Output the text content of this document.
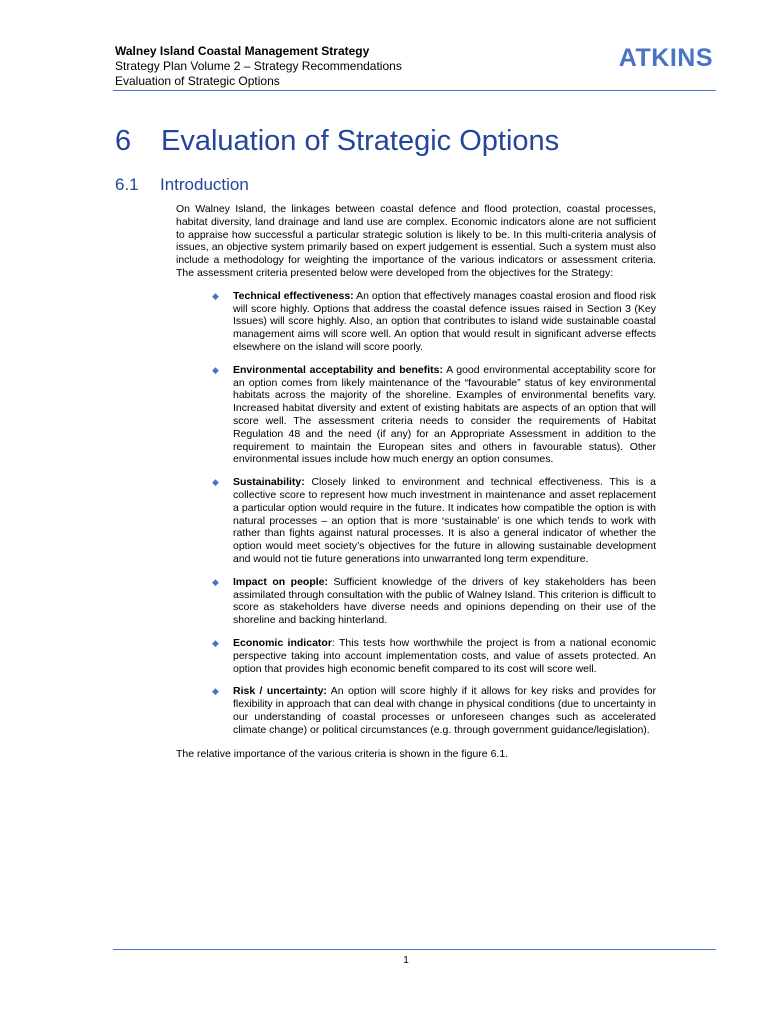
Walney Island Coastal Management Strategy
Strategy Plan Volume 2 – Strategy Recommendations
Evaluation of Strategic Options
ATKINS
6 Evaluation of Strategic Options
6.1 Introduction

On Walney Island, the linkages between coastal defence and flood protection, coastal processes, habitat diversity, land drainage and land use are complex. Economic indicators alone are not sufficient to appraise how successful a particular strategic solution is likely to be. In this multi-criteria analysis of issues, an objective system primarily based on expert judgement is essential. Such a system must also include a methodology for weighting the importance of the various indicators or assessment criteria. The assessment criteria presented below were developed from the objectives for the Strategy:

◆ Technical effectiveness: An option that effectively manages coastal erosion and flood risk will score highly. Options that address the coastal defence issues raised in Section 3 (Key Issues) will score highly. Also, an option that contributes to island wide sustainable coastal management aims will score well. An option that would result in significant adverse effects elsewhere on the island will score poorly.
◆ Environmental acceptability and benefits: A good environmental acceptability score for an option comes from likely maintenance of the “favourable” status of key environmental habitats across the majority of the shoreline. Examples of environmental benefits vary. Increased habitat diversity and extent of existing habitats are aspects of an option that will score well. The assessment criteria needs to consider the requirements of Habitat Regulation 48 and the need (if any) for an Appropriate Assessment in addition to the requirement to maintain the European sites and others in favourable status). Other environmental issues include how much energy an option consumes.
◆ Sustainability: Closely linked to environment and technical effectiveness. This is a collective score to represent how much investment in maintenance and asset replacement a particular option would require in the future. It indicates how compatible the option is with natural processes – an option that is more ‘sustainable’ is one which tends to work with rather than fights against natural processes. It is also a general indicator of whether the option would meet society’s objectives for the future in allowing sustainable development and would not tie future generations into unwarranted long term expenditure.
◆ Impact on people: Sufficient knowledge of the drivers of key stakeholders has been assimilated through consultation with the public of Walney Island. This criterion is difficult to score as stakeholders have diverse needs and opinions depending on their use of the shoreline and backing hinterland.
◆ Economic indicator: This tests how worthwhile the project is from a national economic perspective taking into account implementation costs, and value of assets protected. An option that provides high economic benefit compared to its cost will score well.
◆ Risk / uncertainty: An option will score highly if it allows for key risks and provides for flexibility in approach that can deal with change in physical conditions (due to uncertainty in our understanding of coastal processes or unforeseen changes such as accelerated climate change) or political circumstances (e.g. through government guidance/legislation).

The relative importance of the various criteria is shown in the figure 6.1.

1
